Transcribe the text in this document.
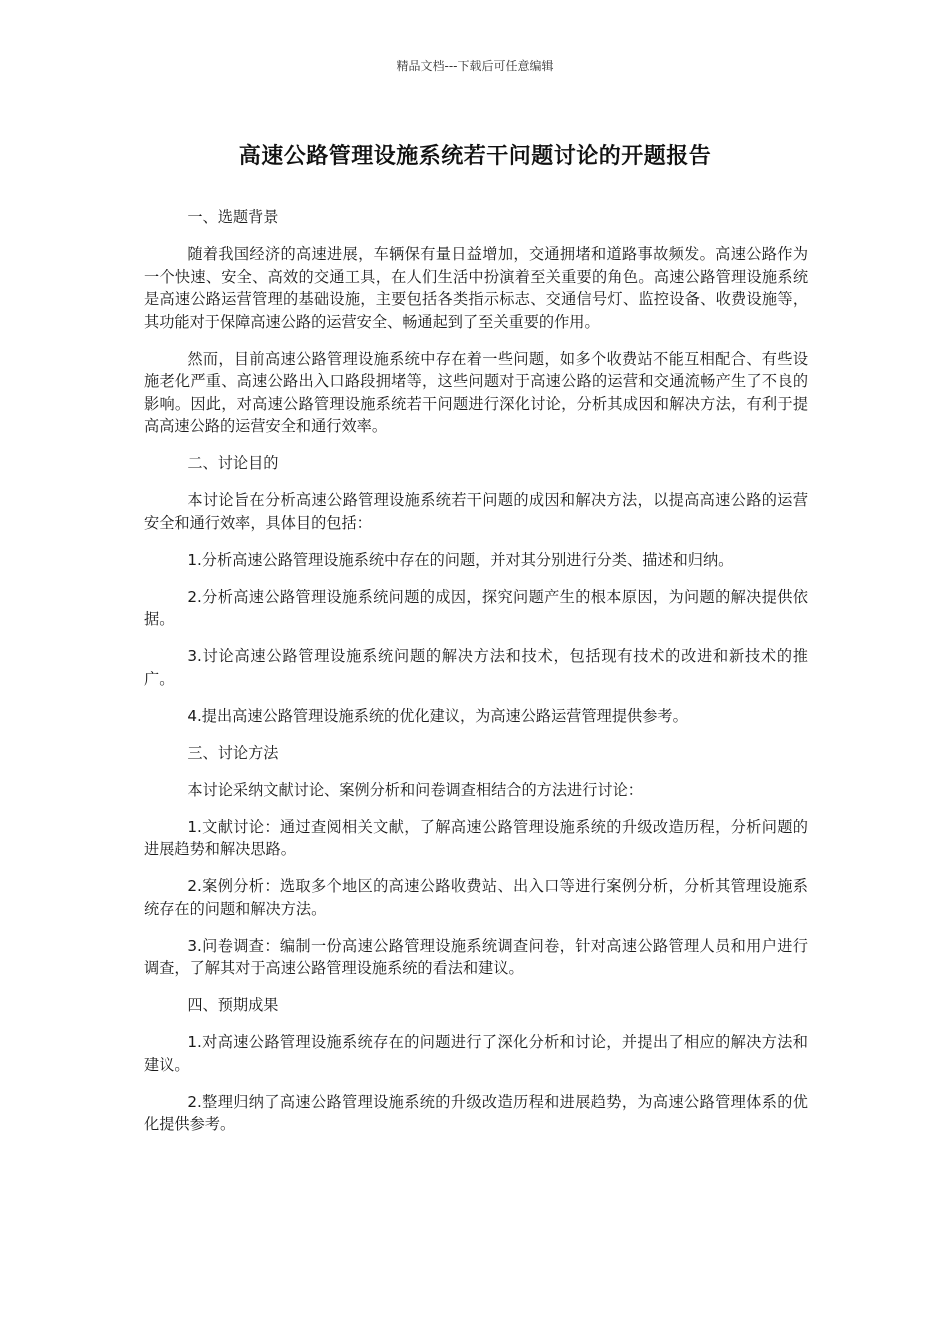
精品文档---下载后可任意编辑
高速公路管理设施系统若干问题讨论的开题报告
一、选题背景
随着我国经济的高速进展，车辆保有量日益增加，交通拥堵和道路事故频发。高速公路作为一个快速、安全、高效的交通工具，在人们生活中扮演着至关重要的角色。高速公路管理设施系统是高速公路运营管理的基础设施，主要包括各类指示标志、交通信号灯、监控设备、收费设施等，其功能对于保障高速公路的运营安全、畅通起到了至关重要的作用。
然而，目前高速公路管理设施系统中存在着一些问题，如多个收费站不能互相配合、有些设施老化严重、高速公路出入口路段拥堵等，这些问题对于高速公路的运营和交通流畅产生了不良的影响。因此，对高速公路管理设施系统若干问题进行深化讨论，分析其成因和解决方法，有利于提高高速公路的运营安全和通行效率。
二、讨论目的
本讨论旨在分析高速公路管理设施系统若干问题的成因和解决方法，以提高高速公路的运营安全和通行效率，具体目的包括：
1.分析高速公路管理设施系统中存在的问题，并对其分别进行分类、描述和归纳。
2.分析高速公路管理设施系统问题的成因，探究问题产生的根本原因，为问题的解决提供依据。
3.讨论高速公路管理设施系统问题的解决方法和技术，包括现有技术的改进和新技术的推广。
4.提出高速公路管理设施系统的优化建议，为高速公路运营管理提供参考。
三、讨论方法
本讨论采纳文献讨论、案例分析和问卷调查相结合的方法进行讨论：
1.文献讨论：通过查阅相关文献，了解高速公路管理设施系统的升级改造历程，分析问题的进展趋势和解决思路。
2.案例分析：选取多个地区的高速公路收费站、出入口等进行案例分析，分析其管理设施系统存在的问题和解决方法。
3.问卷调查：编制一份高速公路管理设施系统调查问卷，针对高速公路管理人员和用户进行调查，了解其对于高速公路管理设施系统的看法和建议。
四、预期成果
1.对高速公路管理设施系统存在的问题进行了深化分析和讨论，并提出了相应的解决方法和建议。
2.整理归纳了高速公路管理设施系统的升级改造历程和进展趋势，为高速公路管理体系的优化提供参考。
